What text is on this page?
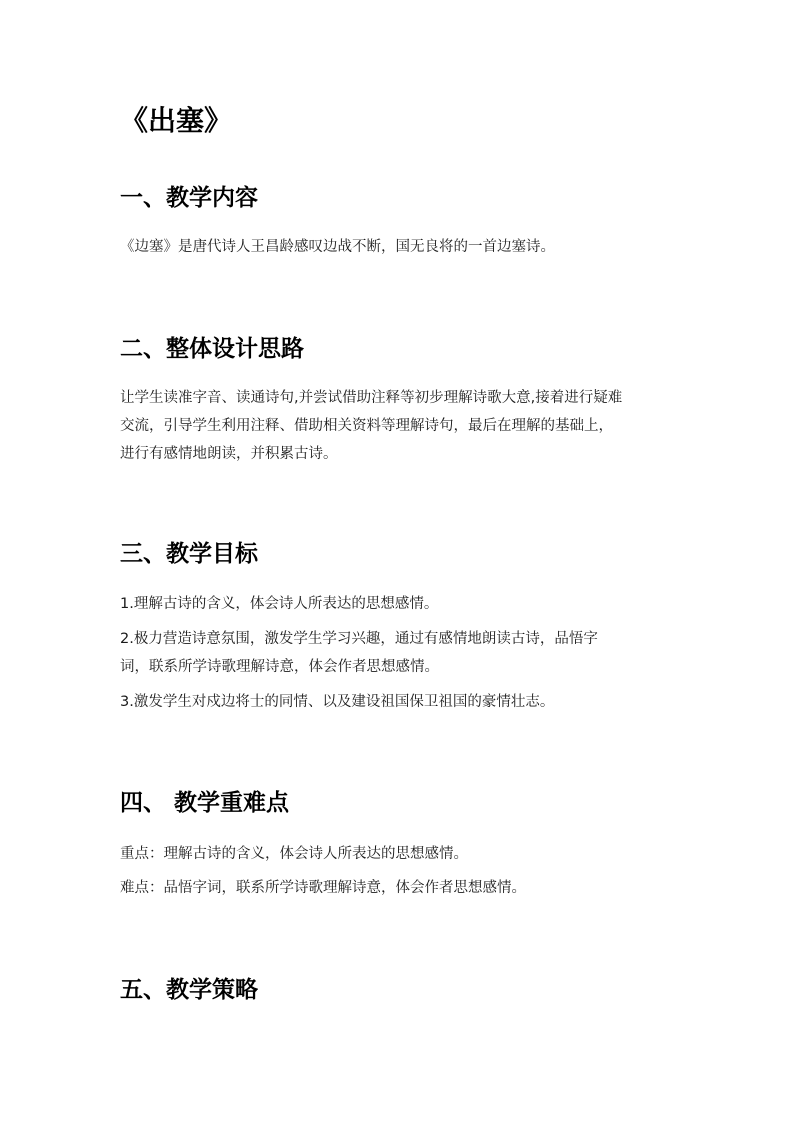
《出塞》
一、教学内容

《边塞》是唐代诗人王昌龄感叹边战不断，国无良将的一首边塞诗。

二、整体设计思路
让学生读准字音、读通诗句,并尝试借助注释等初步理解诗歌大意,接着进行疑难
交流，引导学生利用注释、借助相关资料等理解诗句，最后在理解的基础上，
进行有感情地朗读，并积累古诗。
三、教学目标

1.理解古诗的含义，体会诗人所表达的思想感情。

2.极力营造诗意氛围，激发学生学习兴趣，通过有感情地朗读古诗，品悟字
词，联系所学诗歌理解诗意，体会作者思想感情。

3.激发学生对戍边将士的同情、以及建设祖国保卫祖国的豪情壮志。

四、 教学重难点

重点：理解古诗的含义，体会诗人所表达的思想感情。

难点：品悟字词，联系所学诗歌理解诗意，体会作者思想感情。

五、教学策略
